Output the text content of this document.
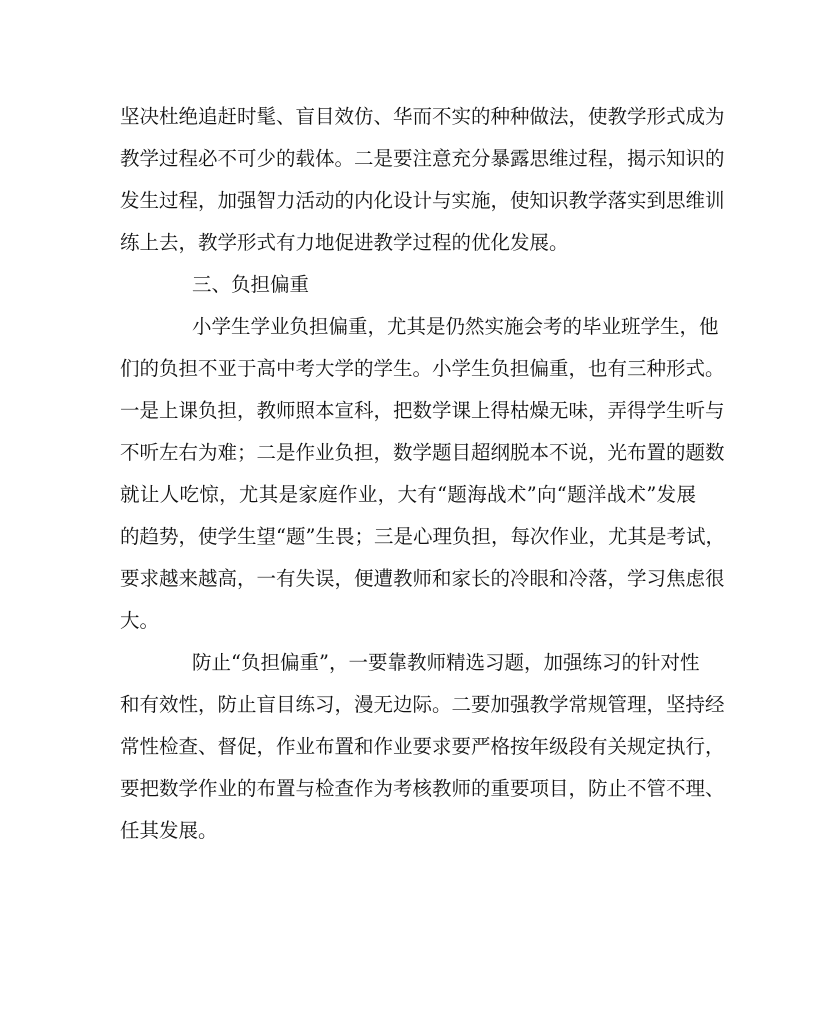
坚决杜绝追赶时髦、盲目效仿、华而不实的种种做法，使教学形式成为
教学过程必不可少的载体。二是要注意充分暴露思维过程，揭示知识的
发生过程，加强智力活动的内化设计与实施，使知识教学落实到思维训
练上去，教学形式有力地促进教学过程的优化发展。
三、负担偏重
小学生学业负担偏重，尤其是仍然实施会考的毕业班学生，他
们的负担不亚于高中考大学的学生。小学生负担偏重，也有三种形式。
一是上课负担，教师照本宣科，把数学课上得枯燥无味，弄得学生听与
不听左右为难；二是作业负担，数学题目超纲脱本不说，光布置的题数
就让人吃惊，尤其是家庭作业，大有“题海战术”向“题洋战术”发展
的趋势，使学生望“题”生畏；三是心理负担，每次作业，尤其是考试，
要求越来越高，一有失误，便遭教师和家长的冷眼和冷落，学习焦虑很
大。
防止“负担偏重”，一要靠教师精选习题，加强练习的针对性
和有效性，防止盲目练习，漫无边际。二要加强教学常规管理，坚持经
常性检查、督促，作业布置和作业要求要严格按年级段有关规定执行，
要把数学作业的布置与检查作为考核教师的重要项目，防止不管不理、
任其发展。
